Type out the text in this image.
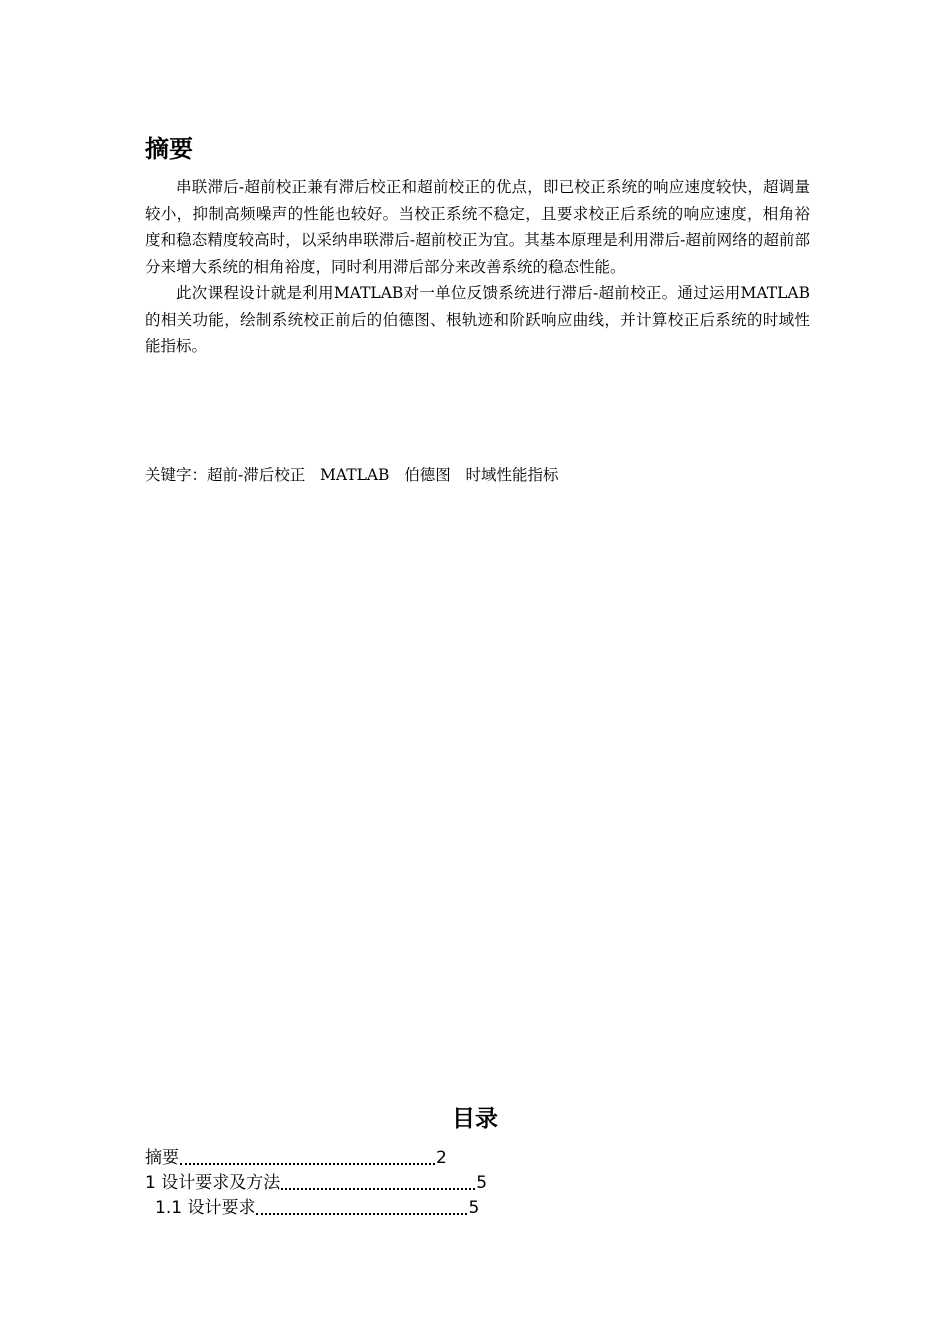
摘要

串联滞后-超前校正兼有滞后校正和超前校正的优点，即已校正系统的响应速度较快，超调量较小，抑制高频噪声的性能也较好。当校正系统不稳定，且要求校正后系统的响应速度，相角裕度和稳态精度较高时，以采纳串联滞后-超前校正为宜。其基本原理是利用滞后-超前网络的超前部分来增大系统的相角裕度，同时利用滞后部分来改善系统的稳态性能。

此次课程设计就是利用MATLAB对一单位反馈系统进行滞后-超前校正。通过运用MATLAB的相关功能，绘制系统校正前后的伯德图、根轨迹和阶跃响应曲线，并计算校正后系统的时域性能指标。

关键字：超前-滞后校正   MATLAB   伯德图   时域性能指标
目录
摘要	2
1 设计要求及方法	5
1.1 设计要求	5
